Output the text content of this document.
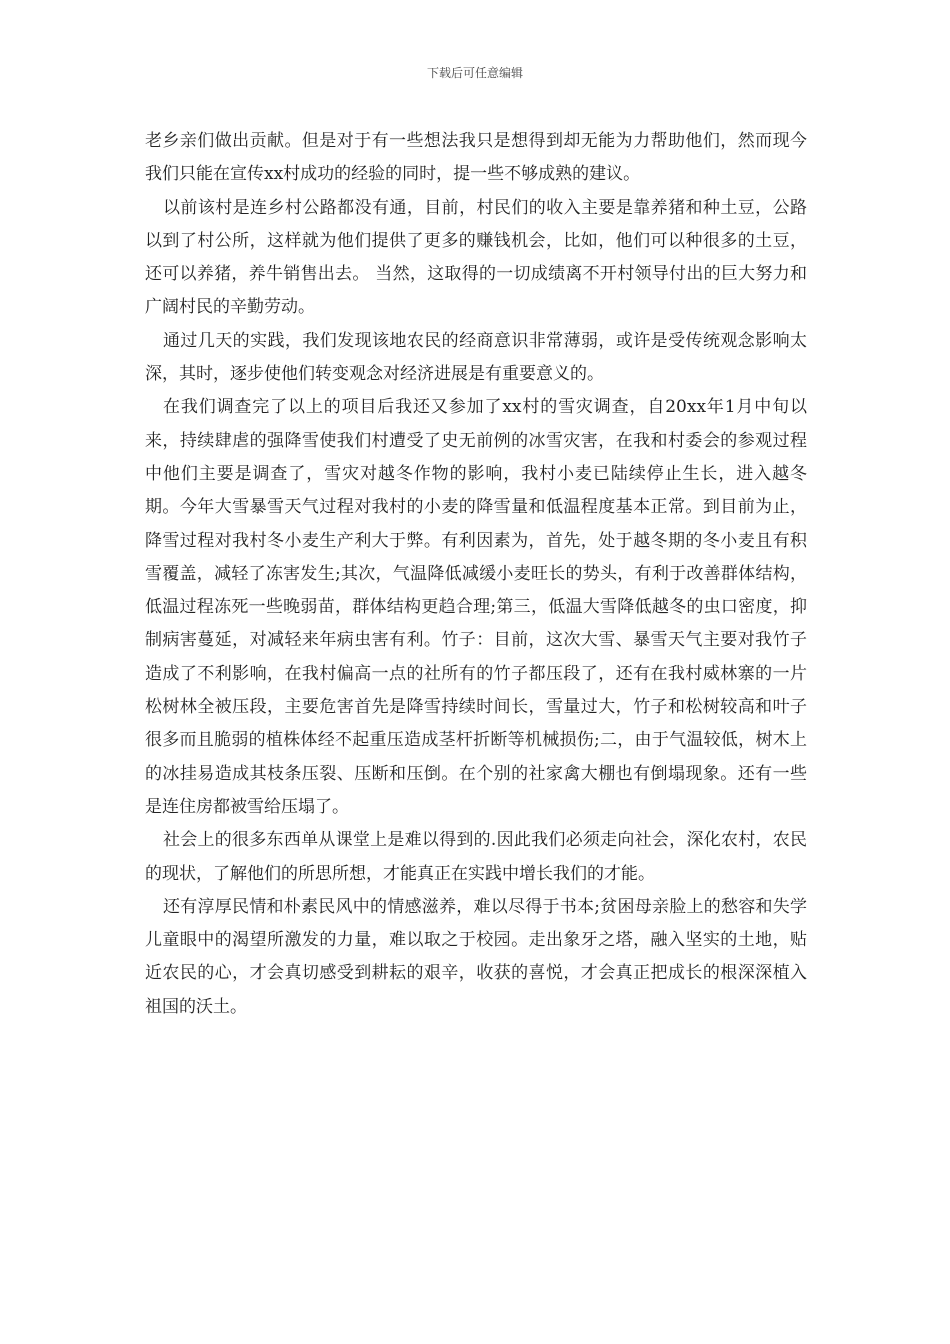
下载后可任意编辑

老乡亲们做出贡献。但是对于有一些想法我只是想得到却无能为力帮助他们，然而现今我们只能在宣传xx村成功的经验的同时，提一些不够成熟的建议。

以前该村是连乡村公路都没有通，目前，村民们的收入主要是靠养猪和种土豆，公路以到了村公所，这样就为他们提供了更多的赚钱机会，比如，他们可以种很多的土豆，还可以养猪，养牛销售出去。 当然，这取得的一切成绩离不开村领导付出的巨大努力和广阔村民的辛勤劳动。

通过几天的实践，我们发现该地农民的经商意识非常薄弱，或许是受传统观念影响太深，其时，逐步使他们转变观念对经济进展是有重要意义的。

在我们调查完了以上的项目后我还又参加了xx村的雪灾调查，自20xx年1月中旬以来，持续肆虐的强降雪使我们村遭受了史无前例的冰雪灾害，在我和村委会的参观过程中他们主要是调查了，雪灾对越冬作物的影响，我村小麦已陆续停止生长，进入越冬期。今年大雪暴雪天气过程对我村的小麦的降雪量和低温程度基本正常。到目前为止，降雪过程对我村冬小麦生产利大于弊。有利因素为，首先，处于越冬期的冬小麦且有积雪覆盖，减轻了冻害发生;其次，气温降低减缓小麦旺长的势头，有利于改善群体结构，低温过程冻死一些晚弱苗，群体结构更趋合理;第三，低温大雪降低越冬的虫口密度，抑制病害蔓延，对减轻来年病虫害有利。竹子：目前，这次大雪、暴雪天气主要对我竹子造成了不利影响，在我村偏高一点的社所有的竹子都压段了，还有在我村威林寨的一片松树林全被压段，主要危害首先是降雪持续时间长，雪量过大，竹子和松树较高和叶子很多而且脆弱的植株体经不起重压造成茎杆折断等机械损伤;二，由于气温较低，树木上的冰挂易造成其枝条压裂、压断和压倒。在个别的社家禽大棚也有倒塌现象。还有一些是连住房都被雪给压塌了。

社会上的很多东西单从课堂上是难以得到的.因此我们必须走向社会，深化农村，农民的现状，了解他们的所思所想，才能真正在实践中增长我们的才能。

还有淳厚民情和朴素民风中的情感滋养，难以尽得于书本;贫困母亲脸上的愁容和失学儿童眼中的渴望所激发的力量，难以取之于校园。走出象牙之塔，融入坚实的土地，贴近农民的心，才会真切感受到耕耘的艰辛，收获的喜悦，才会真正把成长的根深深植入祖国的沃土。
